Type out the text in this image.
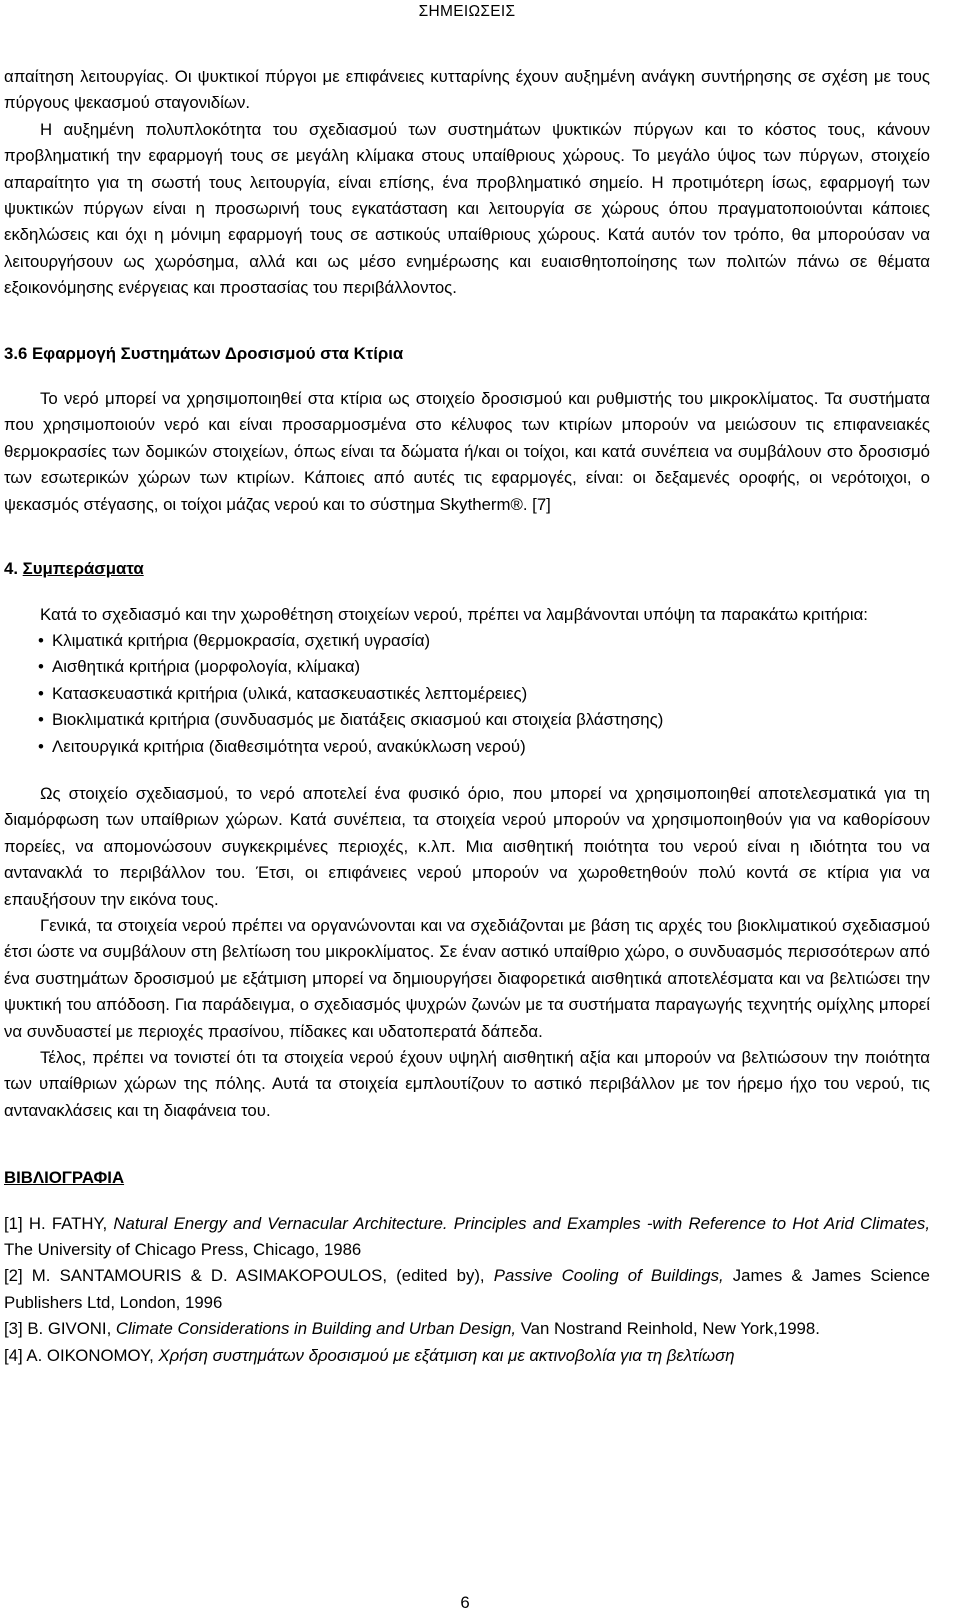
ΣΗΜΕΙΩΣΕΙΣ

απαίτηση λειτουργίας. Οι ψυκτικοί πύργοι με επιφάνειες κυτταρίνης έχουν αυξημένη ανάγκη συντήρησης σε σχέση με τους πύργους ψεκασμού σταγονιδίων.

Η αυξημένη πολυπλοκότητα του σχεδιασμού των συστημάτων ψυκτικών πύργων και το κόστος τους, κάνουν προβληματική την εφαρμογή τους σε μεγάλη κλίμακα στους υπαίθριους χώρους. Το μεγάλο ύψος των πύργων, στοιχείο απαραίτητο για τη σωστή τους λειτουργία, είναι επίσης, ένα προβληματικό σημείο. Η προτιμότερη ίσως, εφαρμογή των ψυκτικών πύργων είναι η προσωρινή τους εγκατάσταση και λειτουργία σε χώρους όπου πραγματοποιούνται κάποιες εκδηλώσεις και όχι η μόνιμη εφαρμογή τους σε αστικούς υπαίθριους χώρους. Κατά αυτόν τον τρόπο, θα μπορούσαν να λειτουργήσουν ως χωρόσημα, αλλά και ως μέσο ενημέρωσης και ευαισθητοποίησης των πολιτών πάνω σε θέματα εξοικονόμησης ενέργειας και προστασίας του περιβάλλοντος.

3.6 Εφαρμογή Συστημάτων Δροσισμού στα Κτίρια

Το νερό μπορεί να χρησιμοποιηθεί στα κτίρια ως στοιχείο δροσισμού και ρυθμιστής του μικροκλίματος. Τα συστήματα που χρησιμοποιούν νερό και είναι προσαρμοσμένα στο κέλυφος των κτιρίων μπορούν να μειώσουν τις επιφανειακές θερμοκρασίες των δομικών στοιχείων, όπως είναι τα δώματα ή/και οι τοίχοι, και κατά συνέπεια να συμβάλουν στο δροσισμό των εσωτερικών χώρων των κτιρίων. Κάποιες από αυτές τις εφαρμογές, είναι: οι δεξαμενές οροφής, οι νερότοιχοι, ο ψεκασμός στέγασης, οι τοίχοι μάζας νερού και το σύστημα Skytherm®. [7]

4. Συμπεράσματα

Κατά το σχεδιασμό και την χωροθέτηση στοιχείων νερού, πρέπει να λαμβάνονται υπόψη τα παρακάτω κριτήρια:

• Κλιματικά κριτήρια (θερμοκρασία, σχετική υγρασία)
• Αισθητικά κριτήρια (μορφολογία, κλίμακα)
• Κατασκευαστικά κριτήρια (υλικά, κατασκευαστικές λεπτομέρειες)
• Βιοκλιματικά κριτήρια (συνδυασμός με διατάξεις σκιασμού και στοιχεία βλάστησης)
• Λειτουργικά κριτήρια (διαθεσιμότητα νερού, ανακύκλωση νερού)

Ως στοιχείο σχεδιασμού, το νερό αποτελεί ένα φυσικό όριο, που μπορεί να χρησιμοποιηθεί αποτελεσματικά για τη διαμόρφωση των υπαίθριων χώρων. Κατά συνέπεια, τα στοιχεία νερού μπορούν να χρησιμοποιηθούν για να καθορίσουν πορείες, να απομονώσουν συγκεκριμένες περιοχές, κ.λπ. Μια αισθητική ποιότητα του νερού είναι η ιδιότητα του να αντανακλά το περιβάλλον του. Έτσι, οι επιφάνειες νερού μπορούν να χωροθετηθούν πολύ κοντά σε κτίρια για να επαυξήσουν την εικόνα τους.

Γενικά, τα στοιχεία νερού πρέπει να οργανώνονται και να σχεδιάζονται με βάση τις αρχές του βιοκλιματικού σχεδιασμού έτσι ώστε να συμβάλουν στη βελτίωση του μικροκλίματος. Σε έναν αστικό υπαίθριο χώρο, ο συνδυασμός περισσότερων από ένα συστημάτων δροσισμού με εξάτμιση μπορεί να δημιουργήσει διαφορετικά αισθητικά αποτελέσματα και να βελτιώσει την ψυκτική του απόδοση. Για παράδειγμα, ο σχεδιασμός ψυχρών ζωνών με τα συστήματα παραγωγής τεχνητής ομίχλης μπορεί να συνδυαστεί με περιοχές πρασίνου, πίδακες και υδατοπερατά δάπεδα.

Τέλος, πρέπει να τονιστεί ότι τα στοιχεία νερού έχουν υψηλή αισθητική αξία και μπορούν να βελτιώσουν την ποιότητα των υπαίθριων χώρων της πόλης. Αυτά τα στοιχεία εμπλουτίζουν το αστικό περιβάλλον με τον ήρεμο ήχο του νερού, τις αντανακλάσεις και τη διαφάνεια του.

ΒΙΒΛΙΟΓΡΑΦΙΑ
[1] H. FATHY, Natural Energy and Vernacular Architecture. Principles and Examples -with Reference to Hot Arid Climates, The University of Chicago Press, Chicago, 1986
[2] M. SANTAMOURIS & D. ASIMAKOPOULOS, (edited by), Passive Cooling of Buildings, James & James Science Publishers Ltd, London, 1996
[3] B. GIVONI, Climate Considerations in Building and Urban Design, Van Nostrand Reinhold, New York,1998.
[4] A. ΟΙΚΟΝΟΜΟΥ, Χρήση συστημάτων δροσισμού με εξάτμιση και με ακτινοβολία για τη βελτίωση
6
